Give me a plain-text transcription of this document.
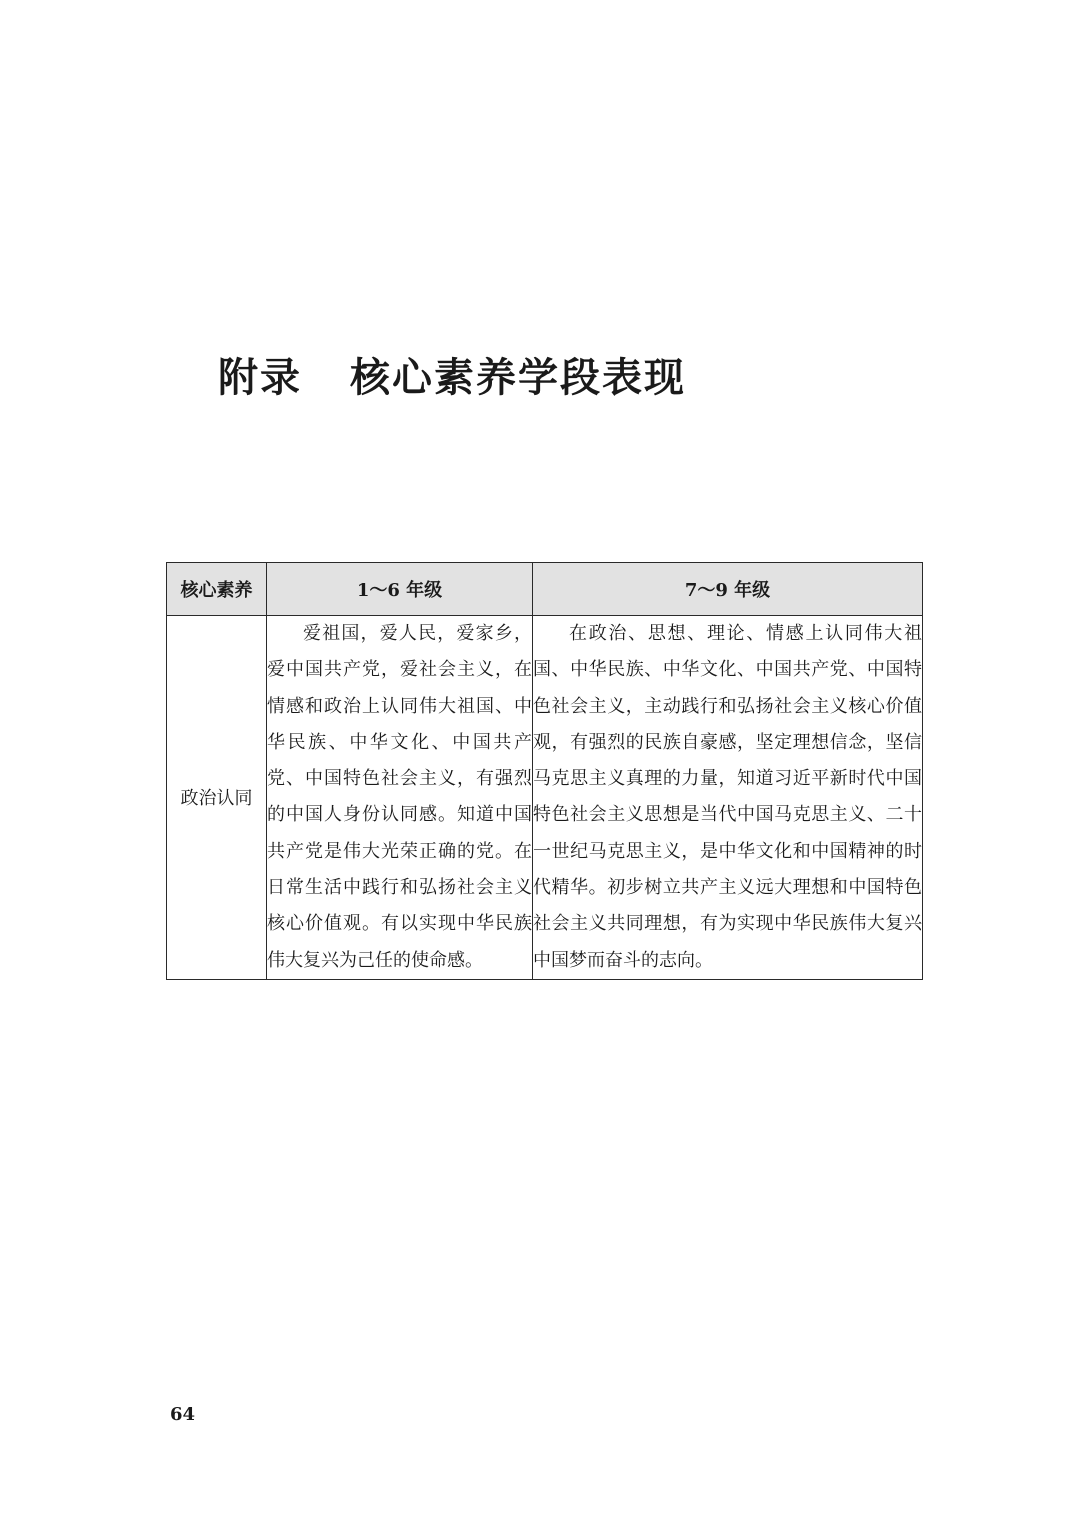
附录 核心素养学段表现
核心素养	1～6 年级	7～9 年级
政治认同	爱祖国，爱人民，爱家乡，爱中国共产党，爱社会主义，在情感和政治上认同伟大祖国、中华民族、中华文化、中国共产党、中国特色社会主义，有强烈的中国人身份认同感。知道中国共产党是伟大光荣正确的党。在日常生活中践行和弘扬社会主义核心价值观。有以实现中华民族伟大复兴为己任的使命感。	在政治、思想、理论、情感上认同伟大祖国、中华民族、中华文化、中国共产党、中国特色社会主义，主动践行和弘扬社会主义核心价值观，有强烈的民族自豪感，坚定理想信念，坚信马克思主义真理的力量，知道习近平新时代中国特色社会主义思想是当代中国马克思主义、二十一世纪马克思主义，是中华文化和中国精神的时代精华。初步树立共产主义远大理想和中国特色社会主义共同理想，有为实现中华民族伟大复兴中国梦而奋斗的志向。
64
